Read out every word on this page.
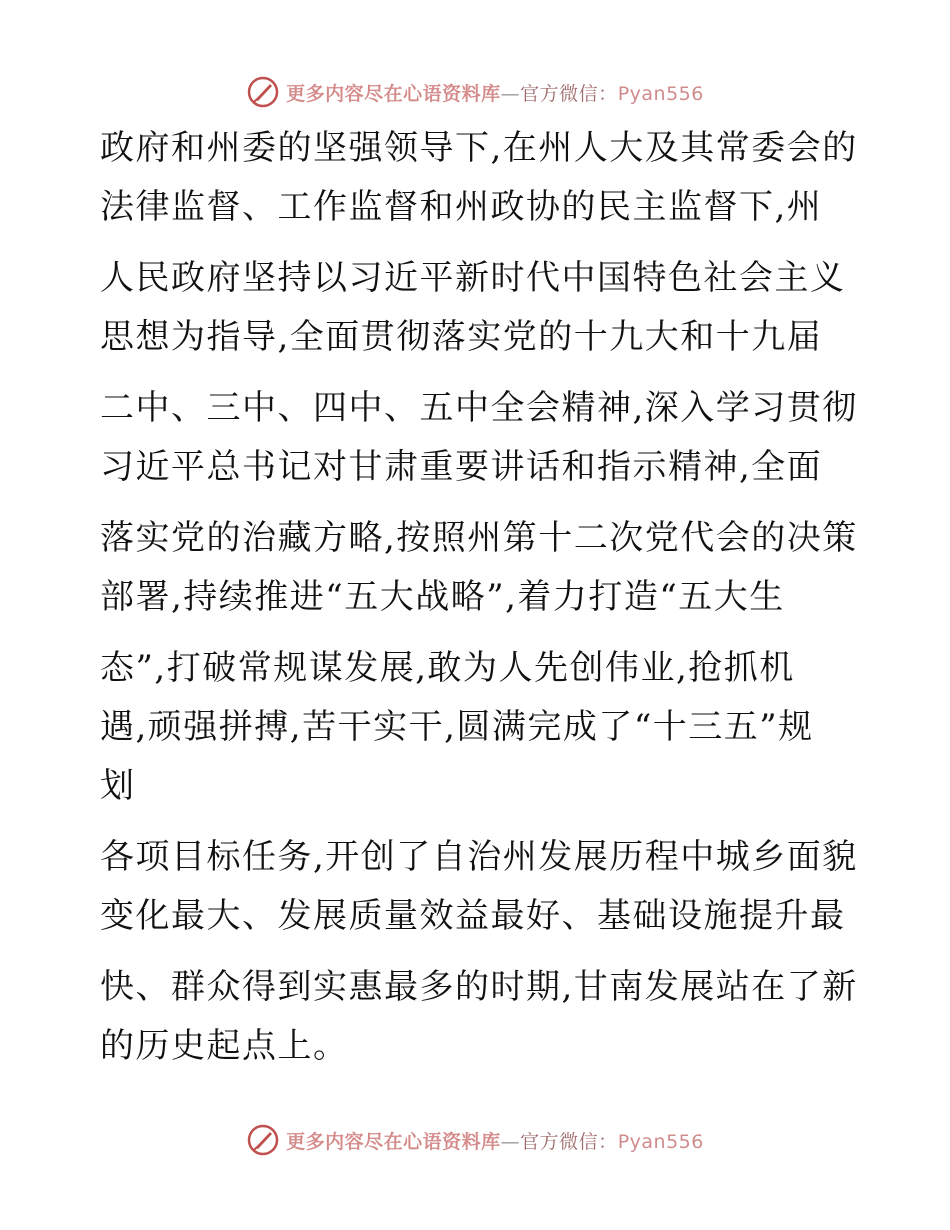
更多内容尽在心语资料库—官方微信：Pyan556
政府和州委的坚强领导下,在州人大及其常委会的
法律监督、工作监督和州政协的民主监督下,州
人民政府坚持以习近平新时代中国特色社会主义
思想为指导,全面贯彻落实党的十九大和十九届
二中、三中、四中、五中全会精神,深入学习贯彻
习近平总书记对甘肃重要讲话和指示精神,全面
落实党的治藏方略,按照州第十二次党代会的决策
部署,持续推进“五大战略”,着力打造“五大生
态”,打破常规谋发展,敢为人先创伟业,抢抓机
遇,顽强拼搏,苦干实干,圆满完成了“十三五”规
划
各项目标任务,开创了自治州发展历程中城乡面貌
变化最大、发展质量效益最好、基础设施提升最
快、群众得到实惠最多的时期,甘南发展站在了新
的历史起点上。
更多内容尽在心语资料库—官方微信：Pyan556
